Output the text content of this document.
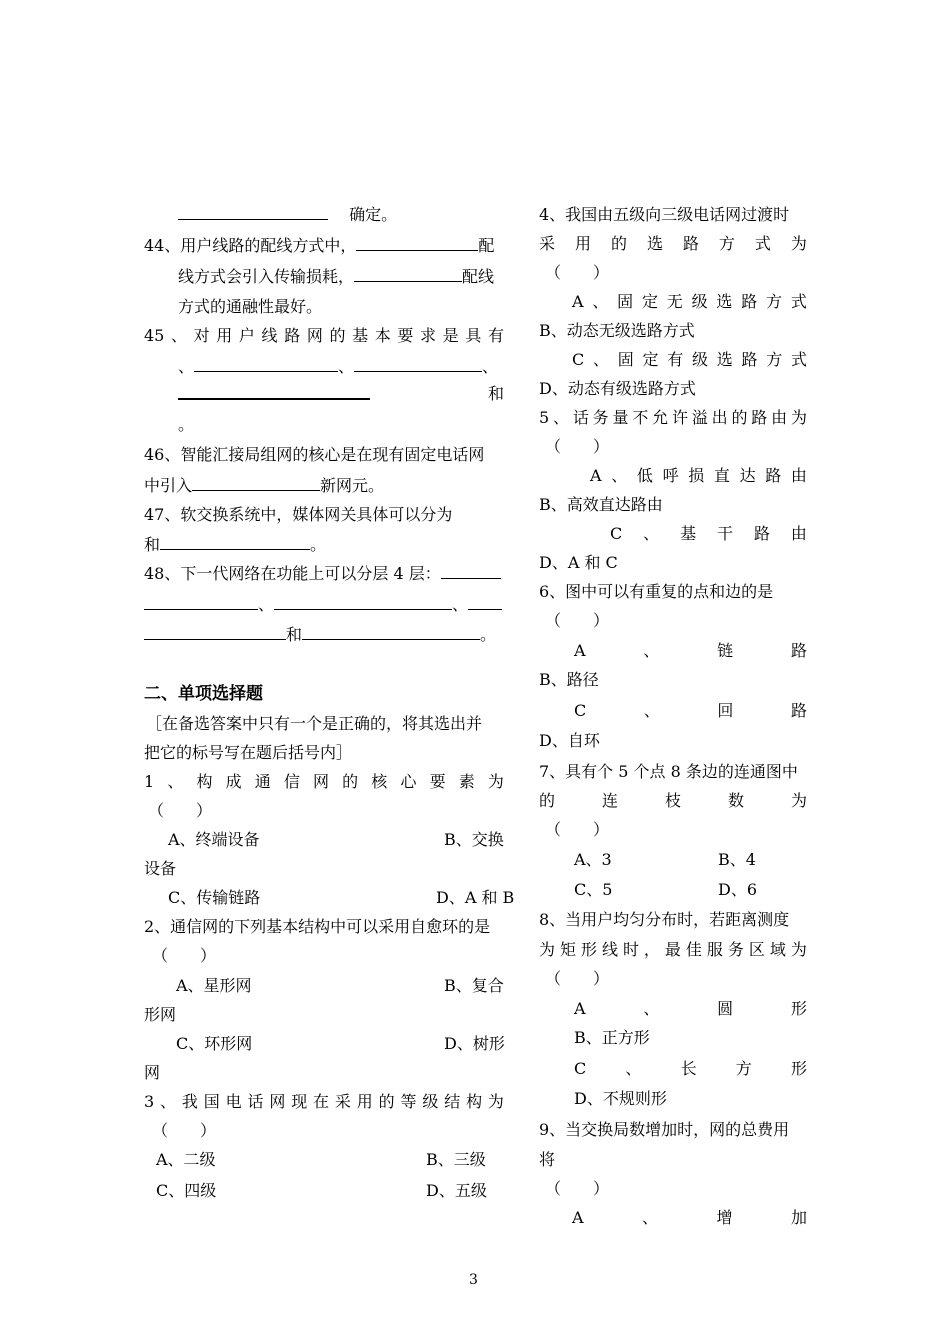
确定。
44、用户线路的配线方式中，	配
线方式会引入传输损耗，	配线
方式的通融性最好。
45 、 对 用 户 线 路 网 的 基 本 要 求 是 具 有
、	、	、
和
。
46、智能汇接局组网的核心是在现有固定电话网
中引入	新网元。
47、软交换系统中，媒体网关具体可以分为
和	。
48、下一代网络在功能上可以分层 4 层：
、	、
和	。
二、单项选择题
［在备选答案中只有一个是正确的，将其选出并
把它的标号写在题后括号内］
1 、 构 成 通 信 网 的 核 心 要 素 为
（　　）
A、终端设备	B、交换
设备
C、传输链路	D、A 和 B
2、通信网的下列基本结构中可以采用自愈环的是
（　　）
A、星形网	B、复合
形网
C、环形网	D、树形
网
3 、 我 国 电 话 网 现 在 采 用 的 等 级 结 构 为
（　　）
A、二级	B、三级
C、四级	D、五级
4、我国由五级向三级电话网过渡时
采 用 的 选 路 方 式 为
（　　）
A 、 固 定 无 级 选 路 方 式
B、动态无级选路方式
C 、 固 定 有 级 选 路 方 式
D、动态有级选路方式
5 、 话 务 量 不 允 许 溢 出 的 路 由 为
（　　）
A 、 低 呼 损 直 达 路 由
B、高效直达路由
C 、 基 干 路 由
D、A 和 C
6、图中可以有重复的点和边的是
（　　）
A	、	链	路
B、路径
C	、	回	路
D、自环
7、具有个 5 个点 8 条边的连通图中
的	连	枝	数	为
（　　）
A、3	B、4
C、5	D、6
8、当用户均匀分布时，若距离测度
为 矩 形 线 时 ， 最 佳 服 务 区 域 为
（　　）
A	、	圆	形
B、正方形
C 、 长 方 形
D、不规则形
9、当交换局数增加时，网的总费用
将
（　　）
A	、	增	加
3
